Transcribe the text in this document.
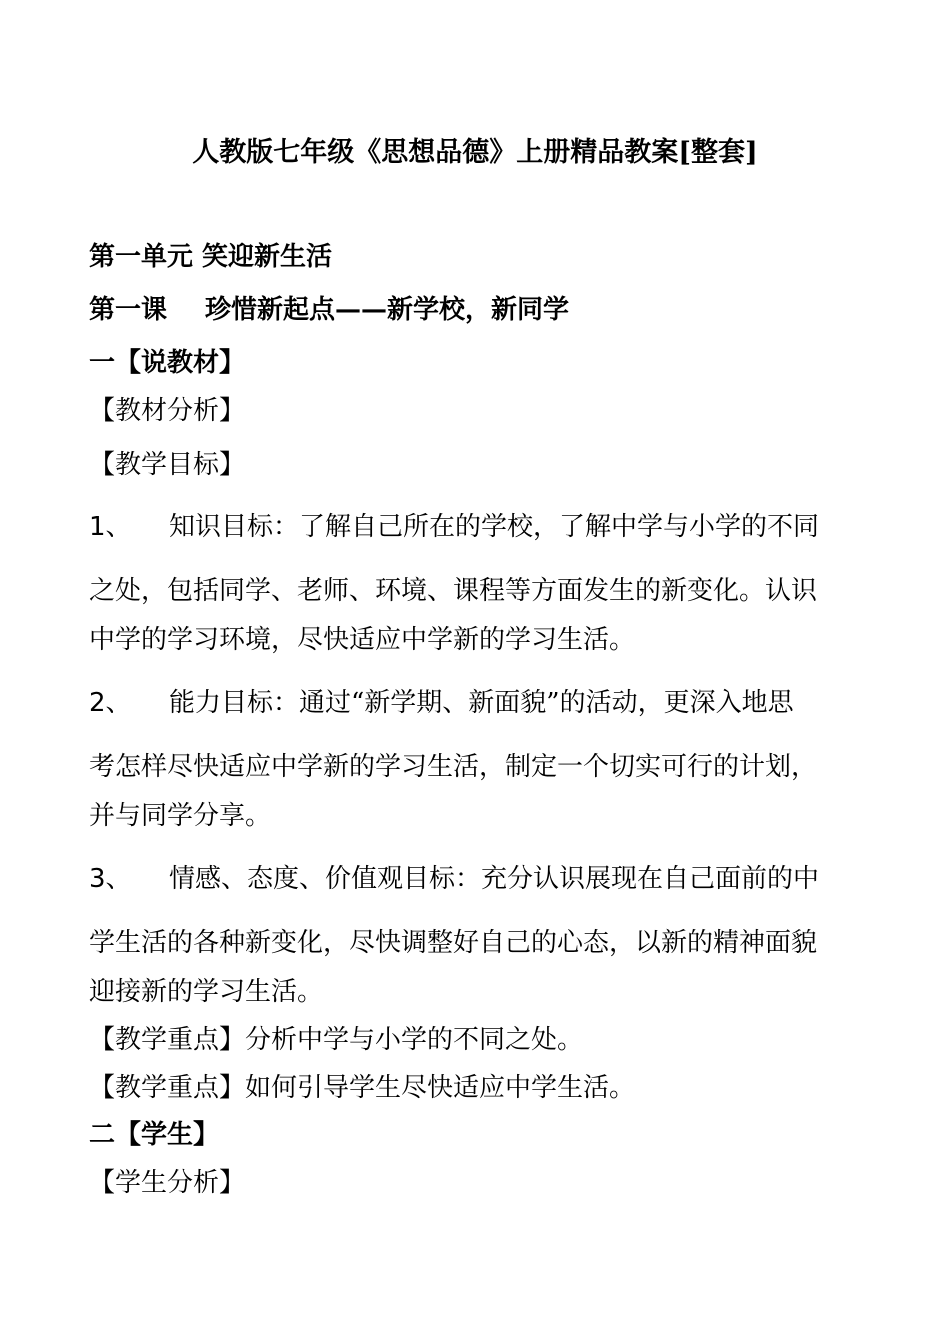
人教版七年级《思想品德》上册精品教案[整套]
第一单元 笑迎新生活
第一课 珍惜新起点——新学校，新同学
一【说教材】
【教材分析】
【教学目标】
1、 知识目标：了解自己所在的学校，了解中学与小学的不同
之处，包括同学、老师、环境、课程等方面发生的新变化。认识
中学的学习环境，尽快适应中学新的学习生活。
2、 能力目标：通过“新学期、新面貌”的活动，更深入地思
考怎样尽快适应中学新的学习生活，制定一个切实可行的计划，
并与同学分享。
3、 情感、态度、价值观目标：充分认识展现在自己面前的中
学生活的各种新变化，尽快调整好自己的心态，以新的精神面貌
迎接新的学习生活。
【教学重点】分析中学与小学的不同之处。
【教学重点】如何引导学生尽快适应中学生活。
二【学生】
【学生分析】
